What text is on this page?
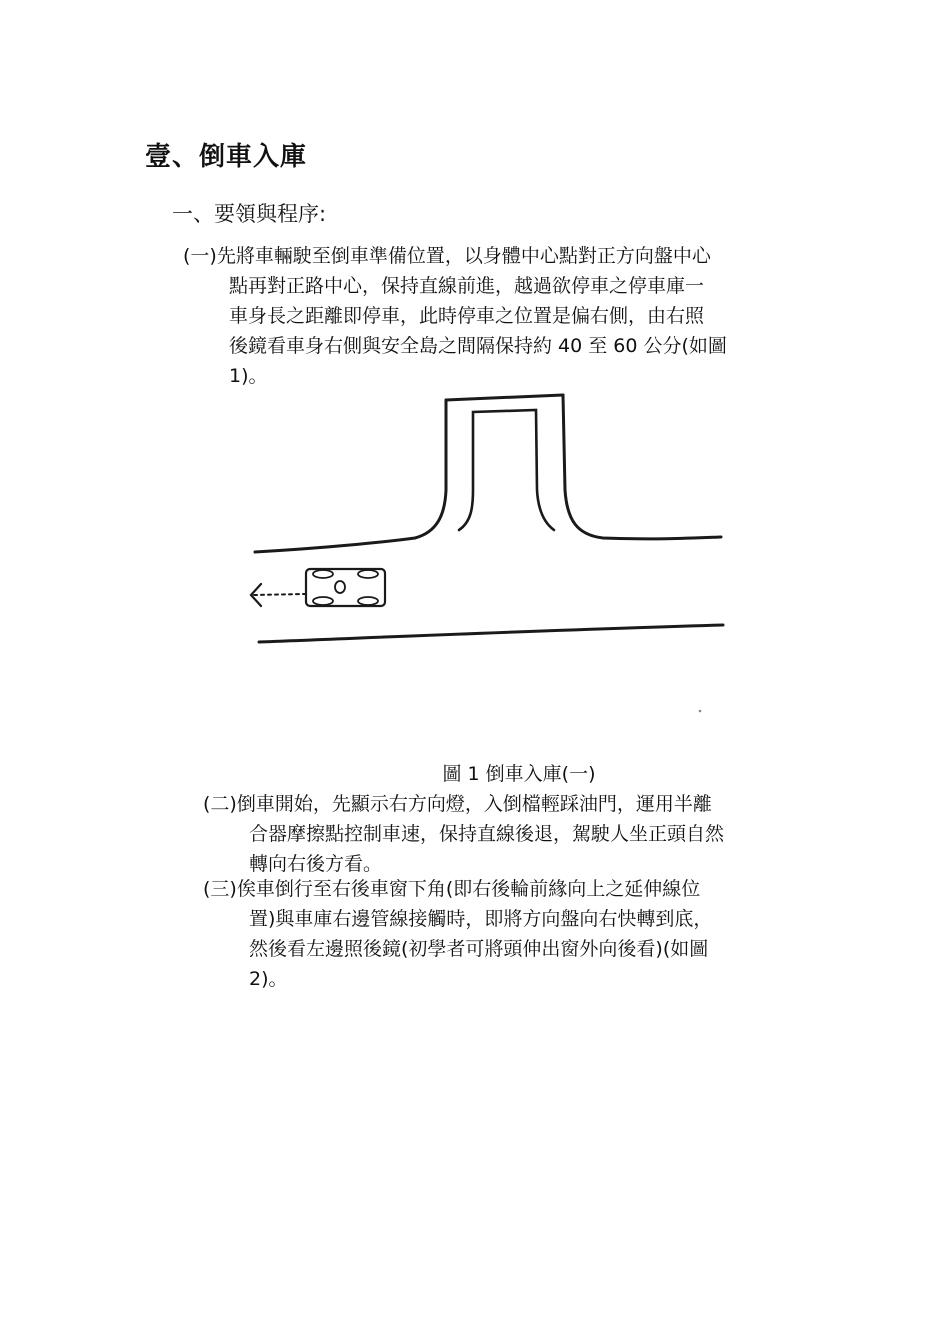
壹、倒車入庫
一、要領與程序:
(一)先將車輛駛至倒車準備位置，以身體中心點對正方向盤中心
點再對正路中心，保持直線前進，越過欲停車之停車庫一
車身長之距離即停車，此時停車之位置是偏右側，由右照
後鏡看車身右側與安全島之間隔保持約 40 至 60 公分(如圖
1)。
圖 1 倒車入庫(一)
(二)倒車開始，先顯示右方向燈，入倒檔輕踩油門，運用半離
合器摩擦點控制車速，保持直線後退，駕駛人坐正頭自然
轉向右後方看。
(三)俟車倒行至右後車窗下角(即右後輪前緣向上之延伸線位
置)與車庫右邊管線接觸時，即將方向盤向右快轉到底，
然後看左邊照後鏡(初學者可將頭伸出窗外向後看)(如圖
2)。
